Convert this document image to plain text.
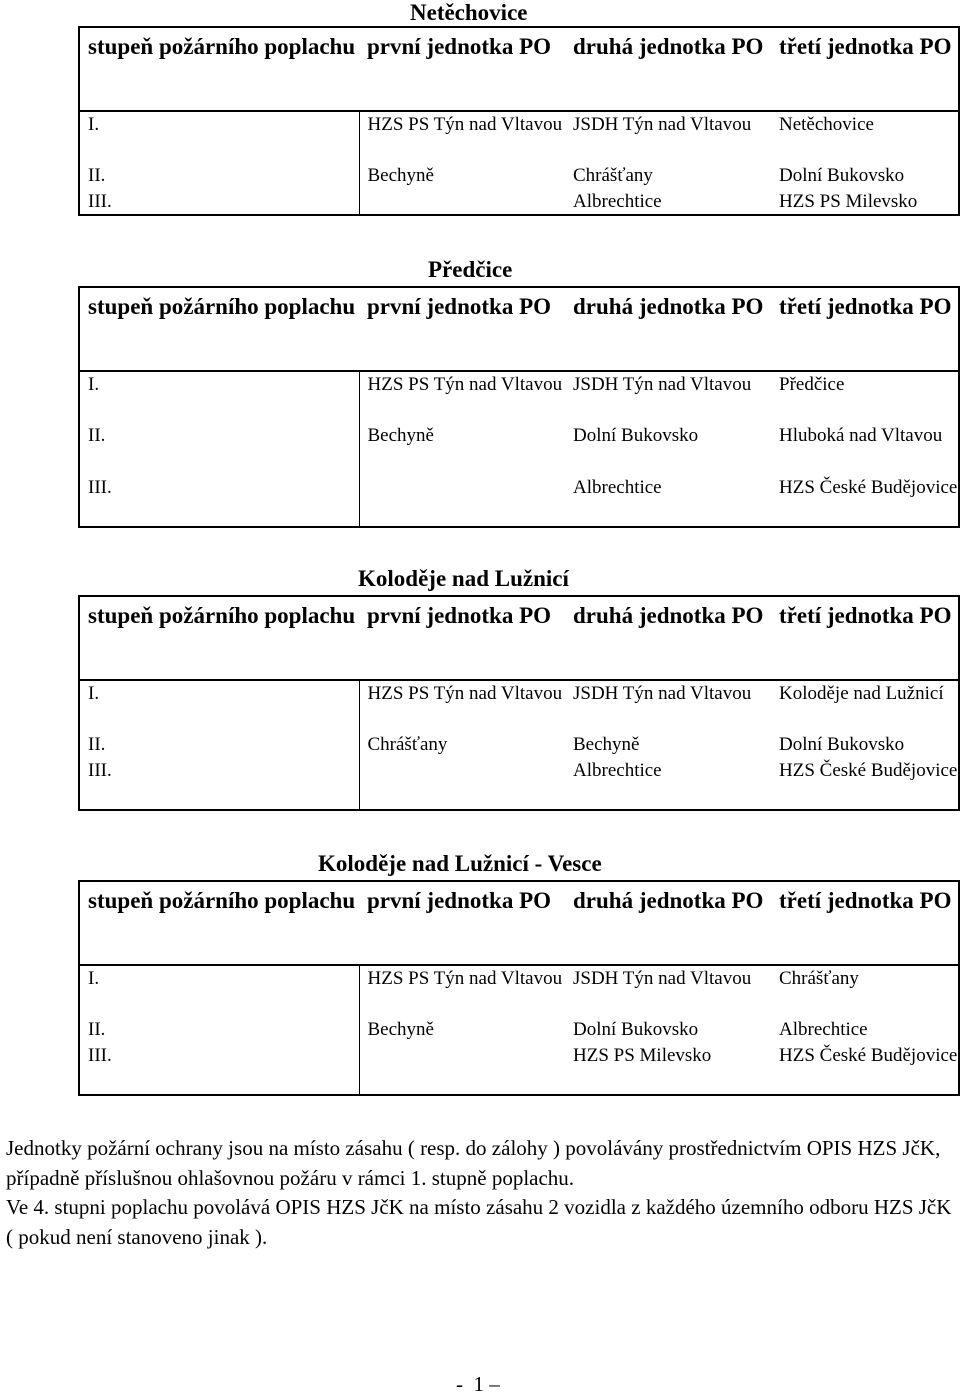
Netěchovice
stupeň požárního poplachu	první jednotka PO	druhá jednotka PO	třetí jednotka PO
I.	HZS PS Týn nad Vltavou	JSDH Týn nad Vltavou	Netěchovice
II.	Bechyně	Chrášťany	Dolní Bukovsko
III.		Albrechtice	HZS PS Milevsko
Předčice
stupeň požárního poplachu	první jednotka PO	druhá jednotka PO	třetí jednotka PO
I.	HZS PS Týn nad Vltavou	JSDH Týn nad Vltavou	Předčice
II.	Bechyně	Dolní Bukovsko	Hluboká nad Vltavou
III.		Albrechtice	HZS České Budějovice
Koloděje nad Lužnicí
stupeň požárního poplachu	první jednotka PO	druhá jednotka PO	třetí jednotka PO
I.	HZS PS Týn nad Vltavou	JSDH Týn nad Vltavou	Koloděje nad Lužnicí
II.	Chrášťany	Bechyně	Dolní Bukovsko
III.		Albrechtice	HZS České Budějovice
Koloděje nad Lužnicí - Vesce
stupeň požárního poplachu	první jednotka PO	druhá jednotka PO	třetí jednotka PO
I.	HZS PS Týn nad Vltavou	JSDH Týn nad Vltavou	Chrášťany
II.	Bechyně	Dolní Bukovsko	Albrechtice
III.		HZS PS Milevsko	HZS České Budějovice
Jednotky požární ochrany jsou na místo zásahu ( resp. do zálohy ) povolávány prostřednictvím OPIS HZS JčK, případně příslušnou ohlašovnou požáru v rámci 1. stupně poplachu.
Ve 4. stupni poplachu povolává OPIS HZS JčK na místo zásahu 2 vozidla z každého územního odboru HZS JčK ( pokud není stanoveno jinak ).
-  1 –
